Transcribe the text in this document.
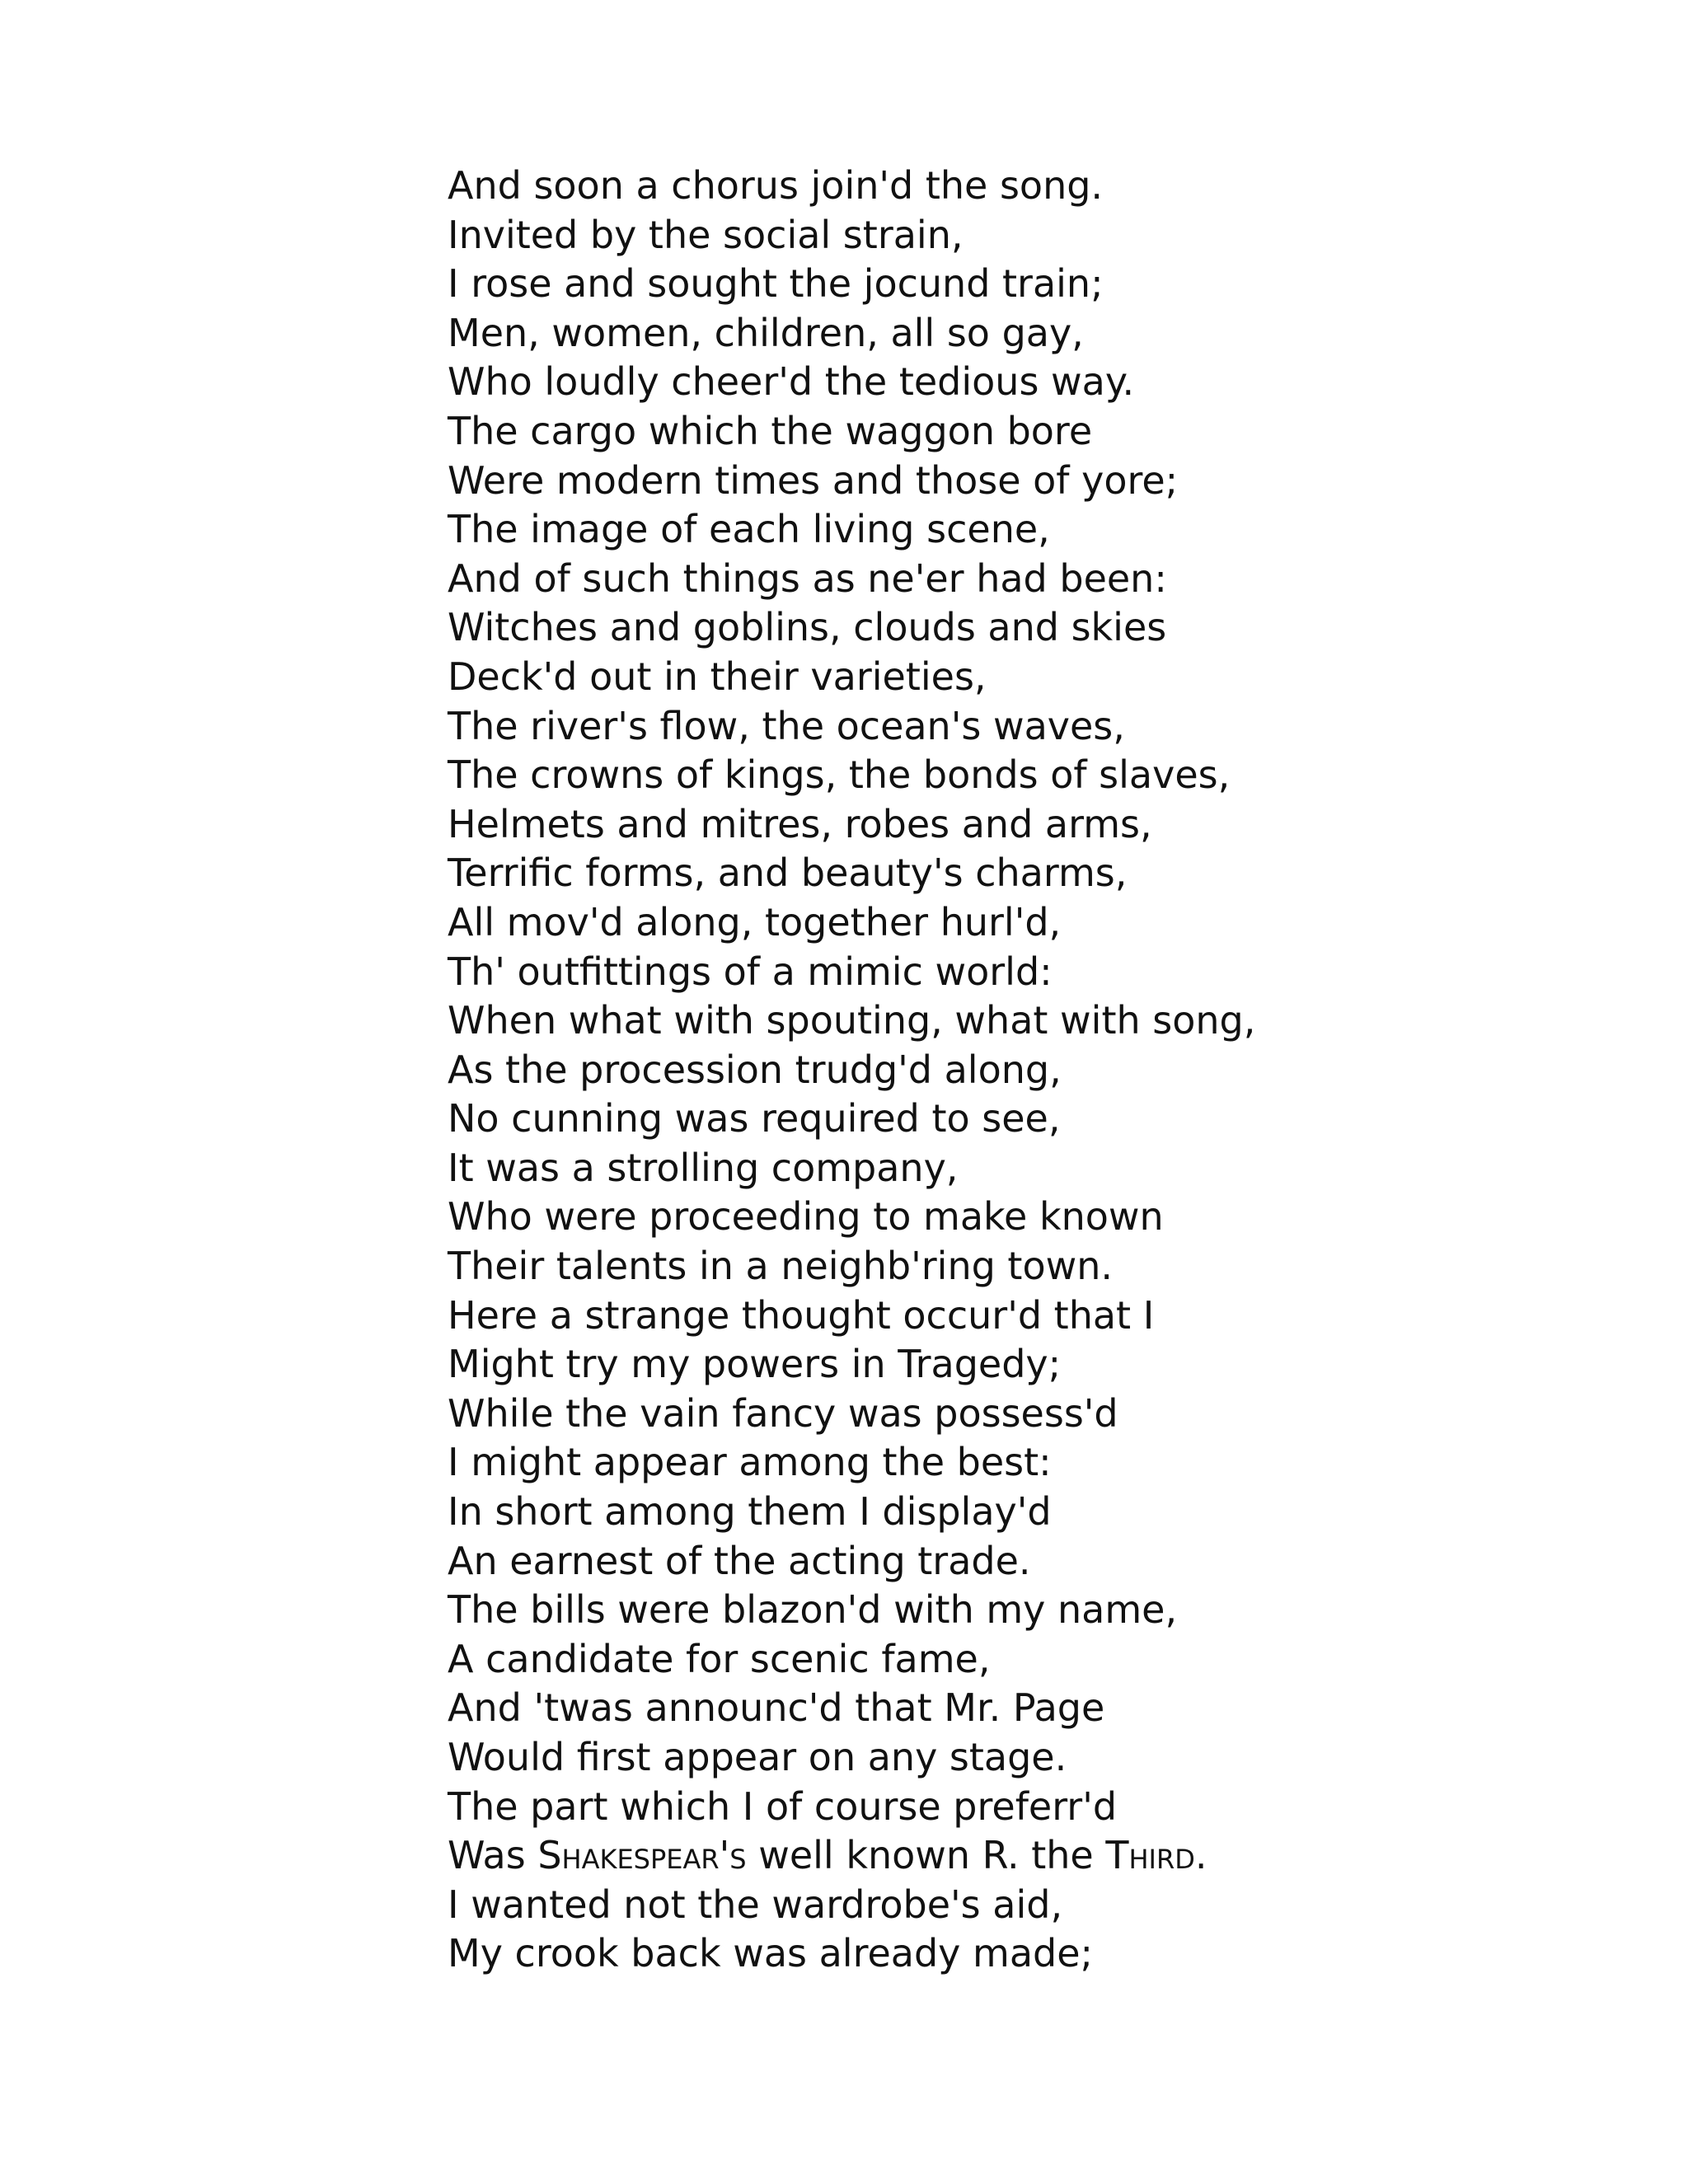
And soon a chorus join'd the song.
Invited by the social strain,
I rose and sought the jocund train;
Men, women, children, all so gay,
Who loudly cheer'd the tedious way.
The cargo which the waggon bore
Were modern times and those of yore;
The image of each living scene,
And of such things as ne'er had been:
Witches and goblins, clouds and skies
Deck'd out in their varieties,
The river's flow, the ocean's waves,
The crowns of kings, the bonds of slaves,
Helmets and mitres, robes and arms,
Terrific forms, and beauty's charms,
All mov'd along, together hurl'd,
Th' outfittings of a mimic world:
When what with spouting, what with song,
As the procession trudg'd along,
No cunning was required to see,
It was a strolling company,
Who were proceeding to make known
Their talents in a neighb'ring town.
Here a strange thought occur'd that I
Might try my powers in Tragedy;
While the vain fancy was possess'd
I might appear among the best:
In short among them I display'd
An earnest of the acting trade.
The bills were blazon'd with my name,
A candidate for scenic fame,
And 'twas announc'd that Mr. Page
Would first appear on any stage.
The part which I of course preferr'd
Was Shakespear's well known R. the Third.
I wanted not the wardrobe's aid,
My crook back was already made;
